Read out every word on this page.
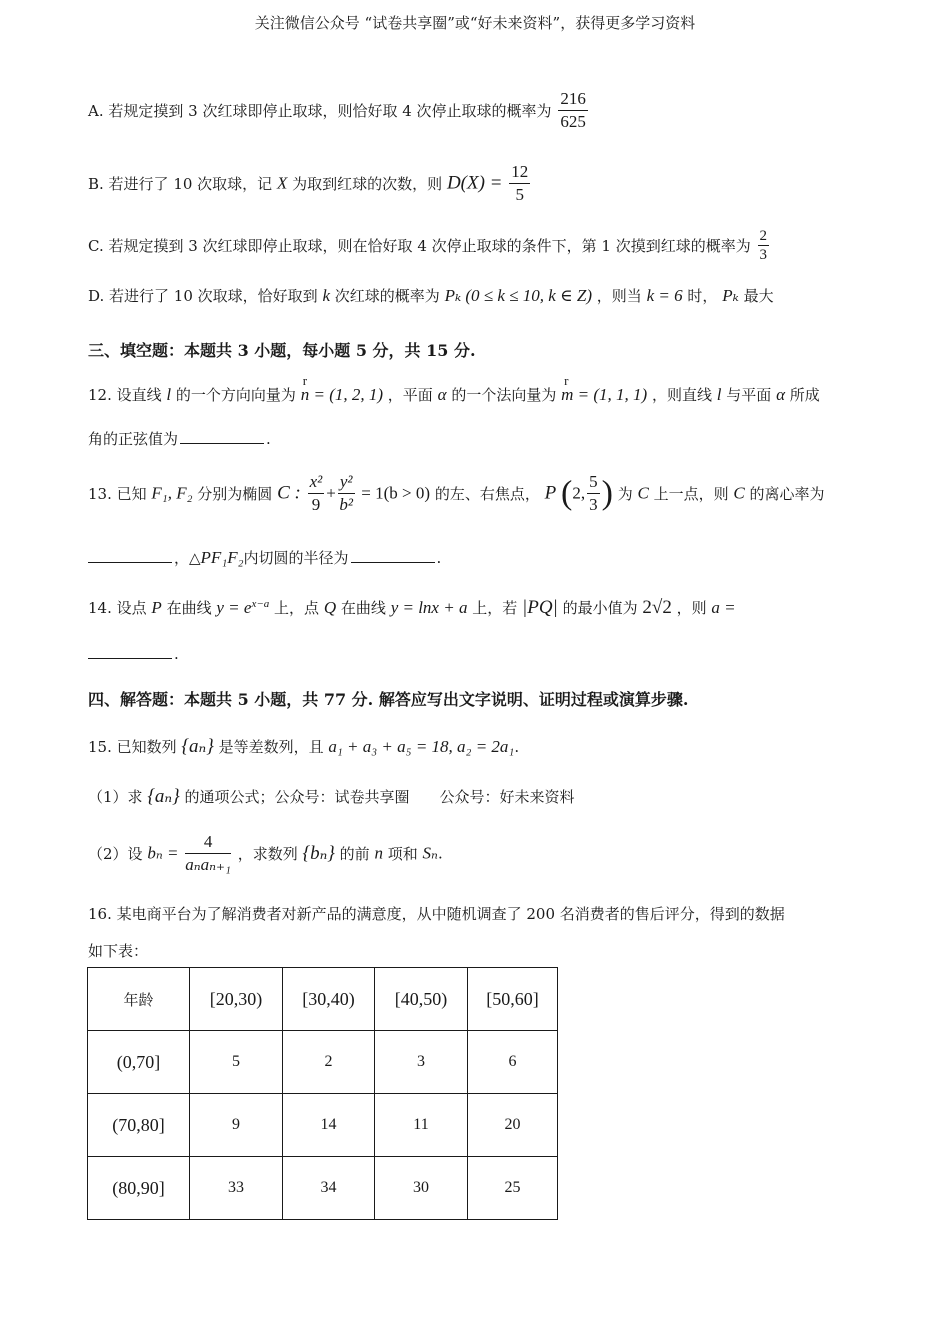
关注微信公众号 “试卷共享圈”或“好未来资料”，获得更多学习资料
A. 若规定摸到 3 次红球即停止取球，则恰好取 4 次停止取球的概率为 $\frac{216}{625}$
B. 若进行了 10 次取球，记 X 为取到红球的次数，则 $D(X) = \frac{12}{5}$
C. 若规定摸到 3 次红球即停止取球，则在恰好取 4 次停止取球的条件下，第 1 次摸到红球的概率为 $\frac{2}{3}$
D. 若进行了 10 次取球，恰好取到 k 次红球的概率为 Pₖ (0 ≤ k ≤ 10, k ∈ Z) ，则当 k = 6 时， Pₖ 最大
三、填空题：本题共 3 小题，每小题 5 分，共 15 分.
12. 设直线 l 的一个方向向量为
r
n = (1, 2, 1) ，平面 α 的一个法向量为
r
m = (1, 1, 1) ，则直线 l 与平面 α 所成
角的正弦值为	.
13. 已知 F₁, F₂ 分别为椭圆 C : $\frac{\text{x²}}{9} + \frac{\text{y²}}{\text{b²}} = 1(b > 0)$ 的左、右焦点， P (2, $\frac{5}{3}$ ) 为 C 上一点，则 C 的离心率为
，△PF₁F₂内切圆的半径为	.
14. 设点 P 在曲线 $y = e^{x-a}$ 上，点 Q 在曲线 y = lnx + a 上，若 |PQ| 的最小值为 2√2 ，则 a =
.
四、解答题：本题共 5 小题，共 77 分. 解答应写出文字说明、证明过程或演算步骤.
15. 已知数列 {aₙ} 是等差数列，且 a₁ + a₃ + a₅ = 18, a₂ = 2a₁.
（1）求 {aₙ} 的通项公式；公众号：试卷共享圈　　公众号：好未来资料
（2）设 $b_n = \frac{4}{\text{aₙaₙ₊₁}}$ ，求数列 {bₙ} 的前 n 项和 Sₙ.
16. 某电商平台为了解消费者对新产品的满意度，从中随机调查了 200 名消费者的售后评分，得到的数据
如下表：
年龄	[20,30)	[30,40)	[40,50)	[50,60]
(0,70]	5	2	3	6
(70,80]	9	14	11	20
(80,90]	33	34	30	25
